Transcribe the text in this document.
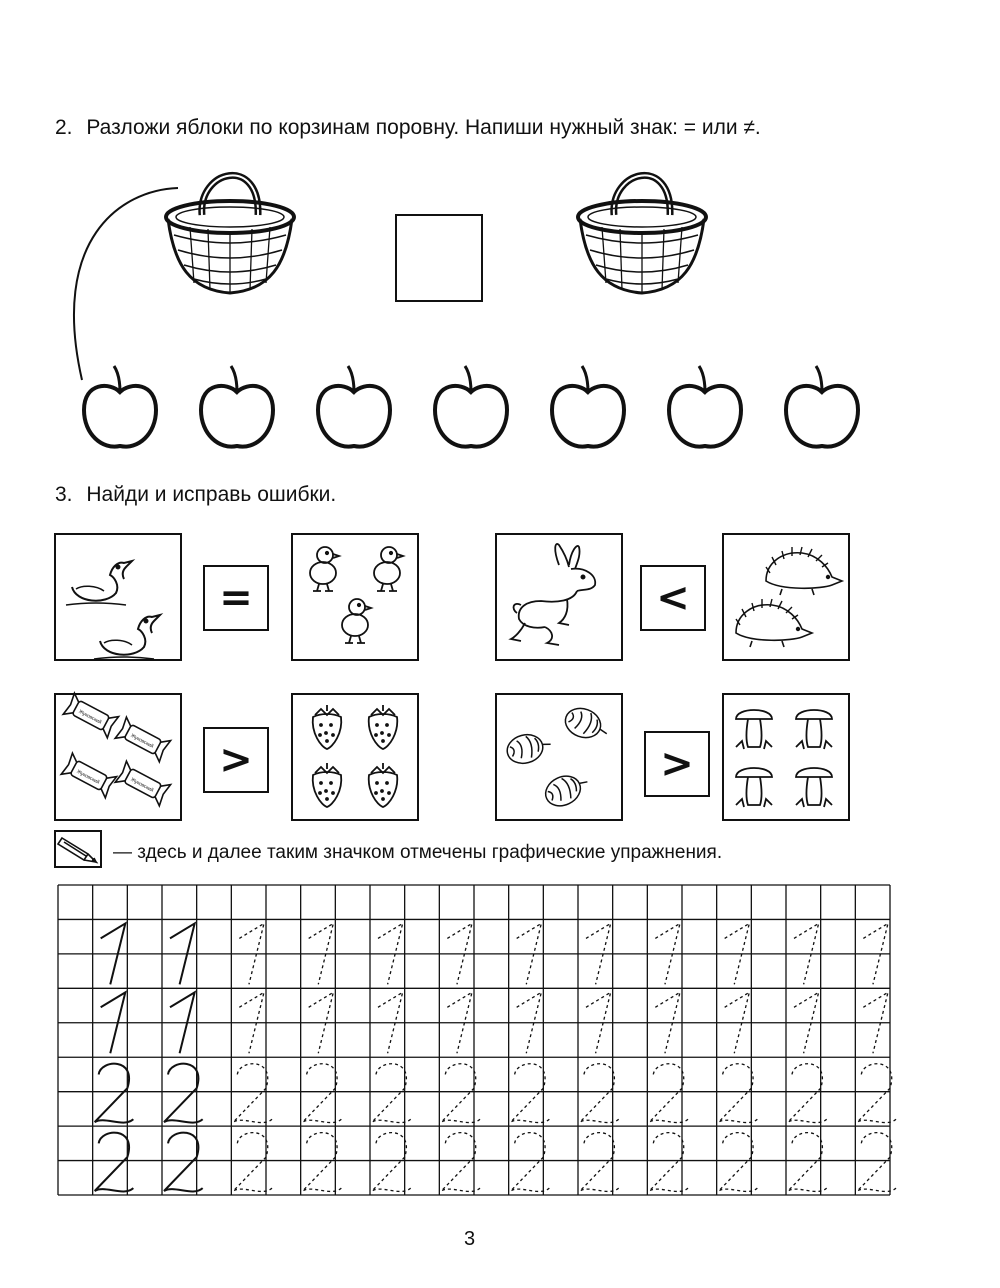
2. Разложи яблоки по корзинам поровну. Напиши нужный знак: = или ≠.
3. Найди и исправь ошибки.
=	<
Жуковский
Жуковский
Жуковский	Жуковский
>	>
— здесь и далее таким значком отмечены графические упражнения.
3
